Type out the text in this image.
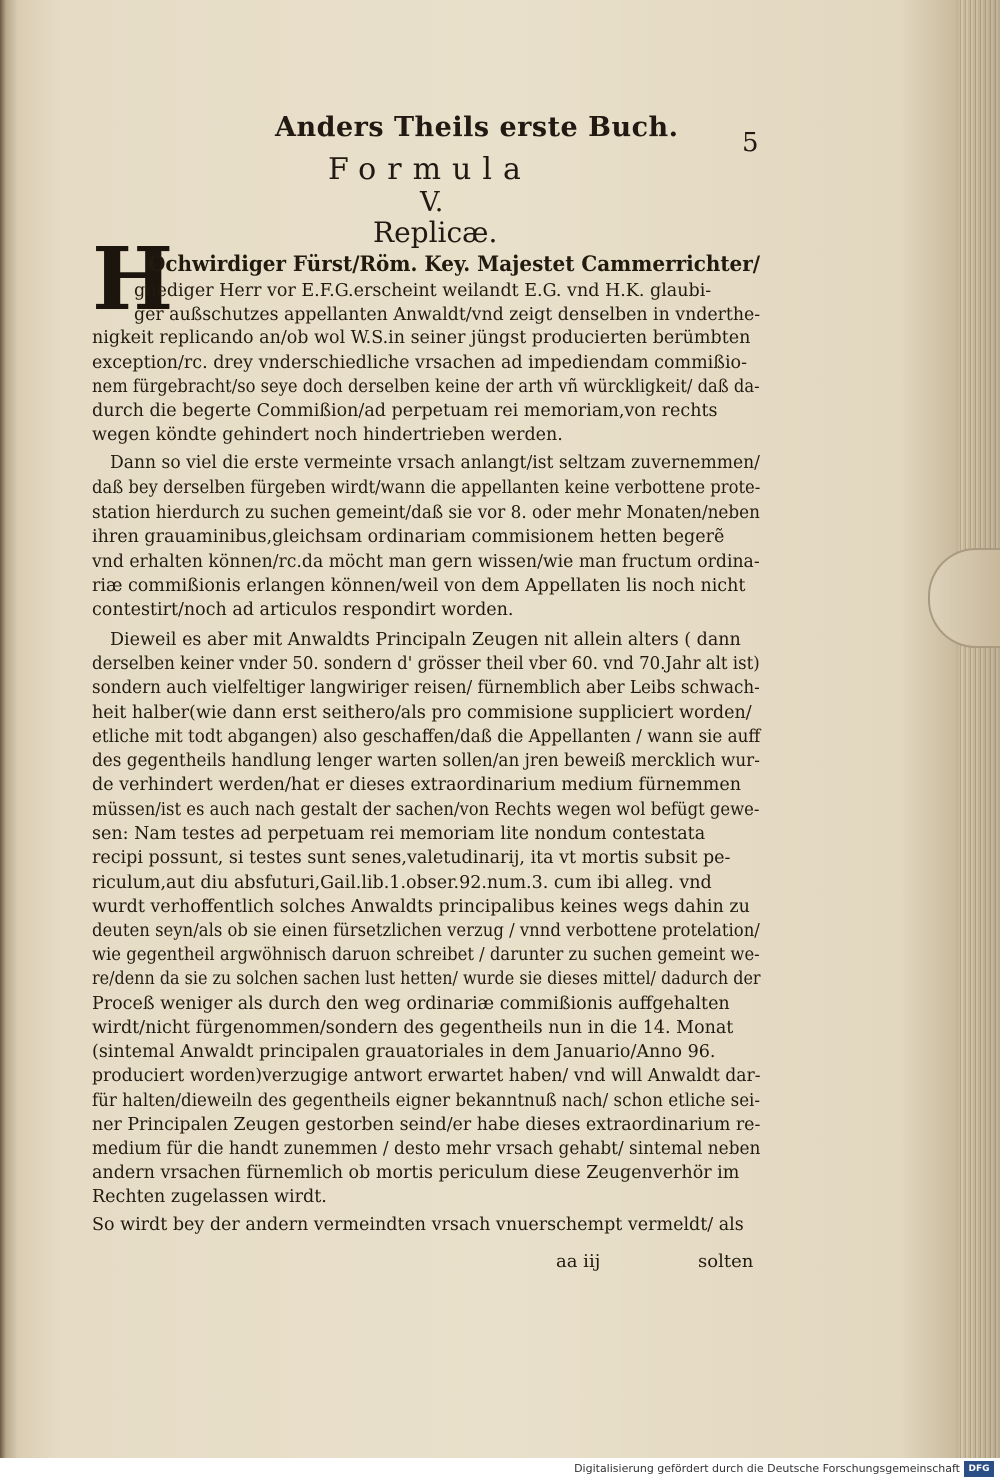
Anders Theils erste Buch. 5
Formula
V.
Replicæ.
H
Ochwirdiger Fürst/Röm. Key. Majestet Cammerrichter/
gnediger Herr vor E.F.G.erscheint weilandt E.G. vnd H.K. glaubi-
ger außschutzes appellanten Anwaldt/vnd zeigt denselben in vnderthe-
nigkeit replicando an/ob wol W.S.in seiner jüngst producierten berümbten
exception/rc. drey vnderschiedliche vrsachen ad impediendam commißio-
nem fürgebracht/so seye doch derselben keine der arth vñ würckligkeit/ daß da-
durch die begerte Commißion/ad perpetuam rei memoriam,von rechts
wegen köndte gehindert noch hindertrieben werden.
Dann so viel die erste vermeinte vrsach anlangt/ist seltzam zuvernemmen/
daß bey derselben fürgeben wirdt/wann die appellanten keine verbottene prote-
station hierdurch zu suchen gemeint/daß sie vor 8. oder mehr Monaten/neben
ihren grauaminibus,gleichsam ordinariam commisionem hetten begerẽ
vnd erhalten können/rc.da möcht man gern wissen/wie man fructum ordina-
riæ commißionis erlangen können/weil von dem Appellaten lis noch nicht
contestirt/noch ad articulos respondirt worden.
Dieweil es aber mit Anwaldts Principaln Zeugen nit allein alters ( dann
derselben keiner vnder 50. sondern d' grösser theil vber 60. vnd 70.Jahr alt ist)
sondern auch vielfeltiger langwiriger reisen/ fürnemblich aber Leibs schwach-
heit halber(wie dann erst seithero/als pro commisione suppliciert worden/
etliche mit todt abgangen) also geschaffen/daß die Appellanten / wann sie auff
des gegentheils handlung lenger warten sollen/an jren beweiß mercklich wur-
de verhindert werden/hat er dieses extraordinarium medium fürnemmen
müssen/ist es auch nach gestalt der sachen/von Rechts wegen wol befügt gewe-
sen: Nam testes ad perpetuam rei memoriam lite nondum contestata
recipi possunt, si testes sunt senes,valetudinarij, ita vt mortis subsit pe-
riculum,aut diu absfuturi,Gail.lib.1.obser.92.num.3. cum ibi alleg. vnd
wurdt verhoffentlich solches Anwaldts principalibus keines wegs dahin zu
deuten seyn/als ob sie einen fürsetzlichen verzug / vnnd verbottene protelation/
wie gegentheil argwöhnisch daruon schreibet / darunter zu suchen gemeint we-
re/denn da sie zu solchen sachen lust hetten/ wurde sie dieses mittel/ dadurch der
Proceß weniger als durch den weg ordinariæ commißionis auffgehalten
wirdt/nicht fürgenommen/sondern des gegentheils nun in die 14. Monat
(sintemal Anwaldt principalen grauatoriales in dem Januario/Anno 96.
produciert worden)verzugige antwort erwartet haben/ vnd will Anwaldt dar-
für halten/dieweiln des gegentheils eigner bekanntnuß nach/ schon etliche sei-
ner Principalen Zeugen gestorben seind/er habe dieses extraordinarium re-
medium für die handt zunemmen / desto mehr vrsach gehabt/ sintemal neben
andern vrsachen fürnemlich ob mortis periculum diese Zeugenverhör im
Rechten zugelassen wirdt.
So wirdt bey der andern vermeindten vrsach vnuerschempt vermeldt/ als
aa iij	solten
Digitalisierung gefördert durch die Deutsche Forschungsgemeinschaft DFG
